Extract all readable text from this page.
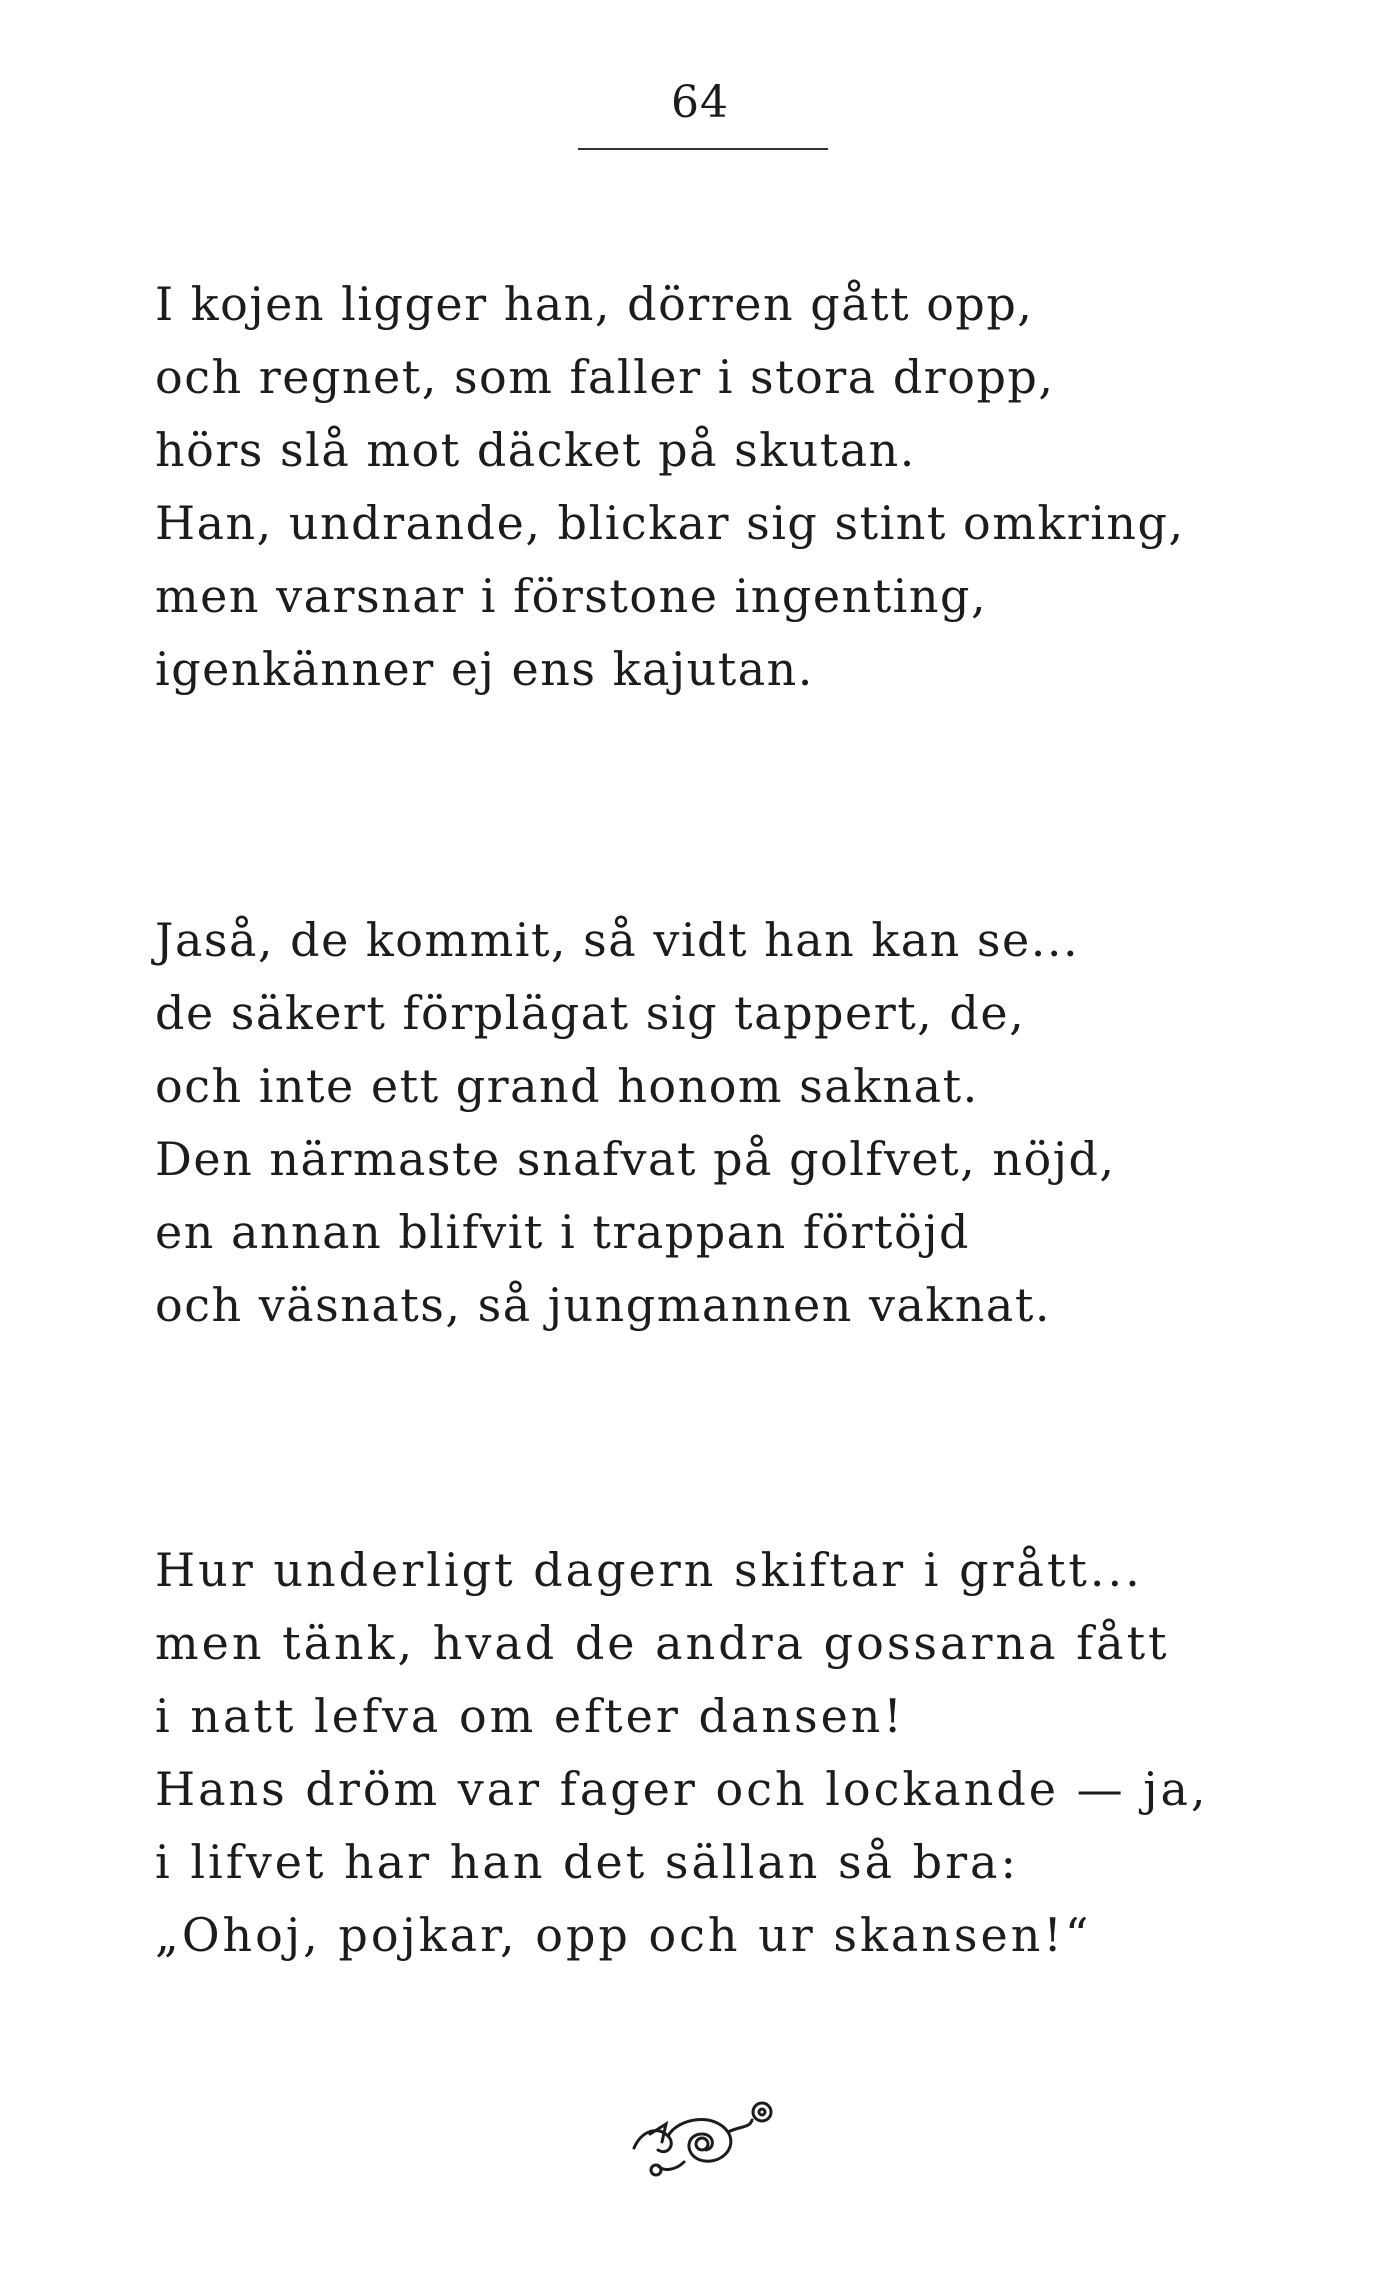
64
I kojen ligger han, dörren gått opp,
och regnet, som faller i stora dropp,
hörs slå mot däcket på skutan.
Han, undrande, blickar sig stint omkring,
men varsnar i förstone ingenting,
igenkänner ej ens kajutan.
Jaså, de kommit, så vidt han kan se...
de säkert förplägat sig tappert, de,
och inte ett grand honom saknat.
Den närmaste snafvat på golfvet, nöjd,
en annan blifvit i trappan förtöjd
och väsnats, så jungmannen vaknat.
Hur underligt dagern skiftar i grått...
men tänk, hvad de andra gossarna fått
i natt lefva om efter dansen!
Hans dröm var fager och lockande — ja,
i lifvet har han det sällan så bra:
„Ohoj, pojkar, opp och ur skansen!“
